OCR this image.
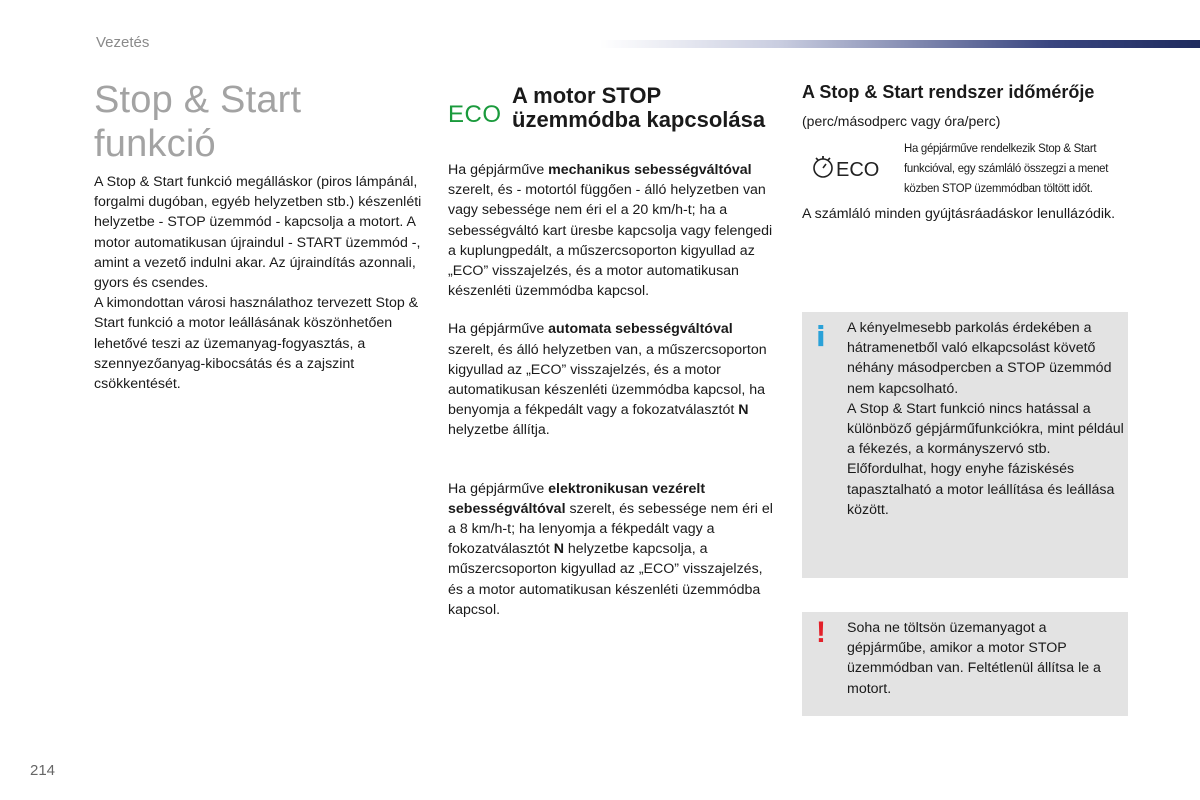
Vezetés
Stop & Start funkció

A Stop & Start funkció megálláskor (piros lámpánál, forgalmi dugóban, egyéb helyzetben stb.) készenléti helyzetbe - STOP üzemmód - kapcsolja a motort. A motor automatikusan újraindul - START üzemmód -, amint a vezető indulni akar. Az újraindítás azonnali, gyors és csendes.

A kimondottan városi használathoz tervezett Stop & Start funkció a motor leállásának köszönhetően lehetővé teszi az üzemanyag-fogyasztás, a szennyezőanyag-kibocsátás és a zajszint csökkentését.

ECO
A motor STOP
üzemmódba kapcsolása

Ha gépjárműve mechanikus sebességváltóval szerelt, és - motortól függően - álló helyzetben van vagy sebessége nem éri el a 20 km/h-t; ha a sebességváltó kart üresbe kapcsolja vagy felengedi a kuplungpedált, a műszercsoporton kigyullad az „ECO” visszajelzés, és a motor automatikusan készenléti üzemmódba kapcsol.

Ha gépjárműve automata sebességváltóval szerelt, és álló helyzetben van, a műszercsoporton kigyullad az „ECO” visszajelzés, és a motor automatikusan készenléti üzemmódba kapcsol, ha benyomja a fékpedált vagy a fokozatválasztót N helyzetbe állítja.

Ha gépjárműve elektronikusan vezérelt sebességváltóval szerelt, és sebessége nem éri el a 8 km/h-t; ha lenyomja a fékpedált vagy a fokozatválasztót N helyzetbe kapcsolja, a műszercsoporton kigyullad az „ECO” visszajelzés, és a motor automatikusan készenléti üzemmódba kapcsol.

A Stop & Start rendszer időmérője

(perc/másodperc vagy óra/perc)

ECO
Ha gépjárműve rendelkezik Stop & Start funkcióval, egy számláló összegzi a menet közben STOP üzemmódban töltött időt.

A számláló minden gyújtásráadáskor lenullázódik.

i A kényelmesebb parkolás érdekében a hátramenetből való elkapcsolást követő néhány másodpercben a STOP üzemmód nem kapcsolható.
A Stop & Start funkció nincs hatással a különböző gépjárműfunkciókra, mint például a fékezés, a kormányszervó stb.
Előfordulhat, hogy enyhe fáziskésés tapasztalható a motor leállítása és leállása között.
! Soha ne töltsön üzemanyagot a gépjárműbe, amikor a motor STOP üzemmódban van. Feltétlenül állítsa le a motort.
214
